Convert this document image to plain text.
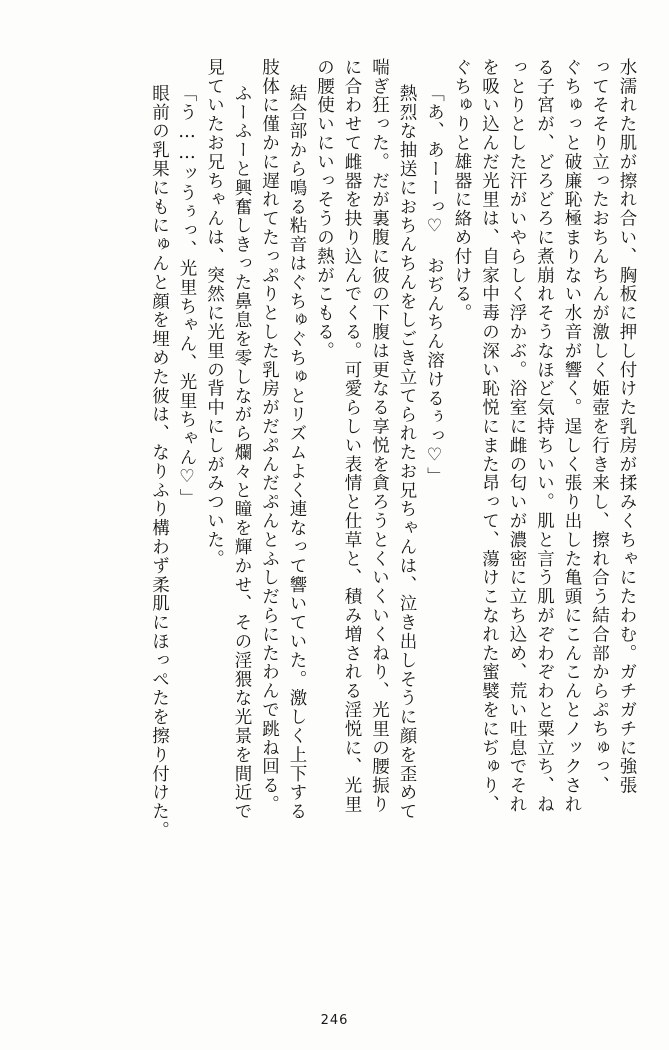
水濡れた肌が擦れ合い、胸板に押し付けた乳房が揉みくちゃにたわむ。ガチガチに強張
ってそそり立ったおちんちんが激しく姫壺を行き来し、擦れ合う結合部からぷちゅっ、
ぐちゅっと破廉恥極まりない水音が響く。逞しく張り出した亀頭にこんこんとノックされ
る子宮が、どろどろに煮崩れそうなほど気持ちいい。肌と言う肌がぞわぞわと粟立ち、ね
っとりとした汗がいやらしく浮かぶ。浴室に雌の匂いが濃密に立ち込め、荒い吐息でそれ
を吸い込んだ光里は、自家中毒の深い恥悦にまた昂って、蕩けこなれた蜜襞をにぢゅり、
ぐちゅりと雄器に絡め付ける。
「あ、あーーっ♡　おぢんちん溶けるぅっ♡」
熱烈な抽送におちんちんをしごき立てられたお兄ちゃんは、泣き出しそうに顔を歪めて
喘ぎ狂った。だが裏腹に彼の下腹は更なる享悦を貪ろうとくいくいくねり、光里の腰振り
に合わせて雌器を抉り込んでくる。可愛らしい表情と仕草と、積み増される淫悦に、光里
の腰使いにいっそうの熱がこもる。
結合部から鳴る粘音はぐちゅぐちゅとリズムよく連なって響いていた。激しく上下する
肢体に僅かに遅れてたっぷりとした乳房がだぷんだぷんとふしだらにたわんで跳ね回る。
ふーふーと興奮しきった鼻息を零しながら爛々と瞳を輝かせ、その淫猥な光景を間近で
見ていたお兄ちゃんは、突然に光里の背中にしがみついた。
「う……ッうぅっ、光里ちゃん、光里ちゃん♡」
眼前の乳果にもにゅんと顔を埋めた彼は、なりふり構わず柔肌にほっぺたを擦り付けた。
246
